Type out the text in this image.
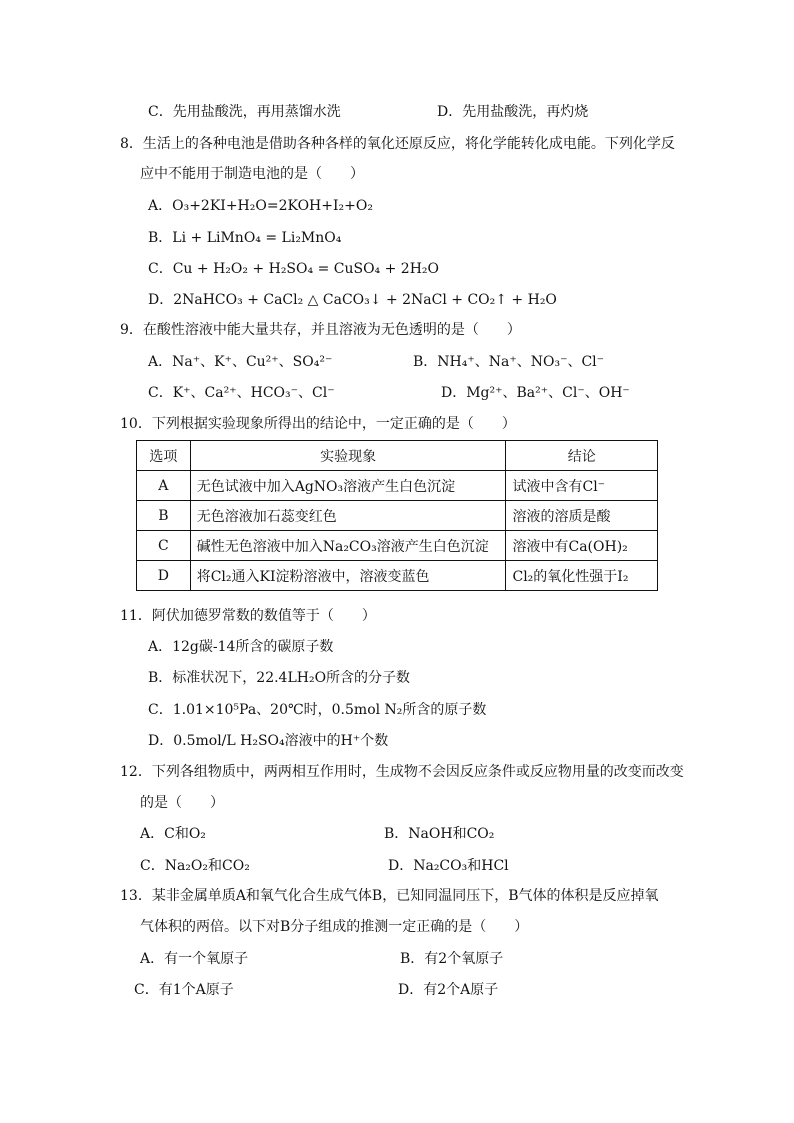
C．先用盐酸洗，再用蒸馏水洗	D．先用盐酸洗，再灼烧
8．生活上的各种电池是借助各种各样的氧化还原反应，将化学能转化成电能。下列化学反
应中不能用于制造电池的是（　　）
A．O₃+2KI+H₂O=2KOH+I₂+O₂
B．Li + LiMnO₄ = Li₂MnO₄
C．Cu + H₂O₂ + H₂SO₄ = CuSO₄ + 2H₂O
D．2NaHCO₃ + CaCl₂ △ CaCO₃↓ + 2NaCl + CO₂↑ + H₂O
9．在酸性溶液中能大量共存，并且溶液为无色透明的是（　　）
A．Na⁺、K⁺、Cu²⁺、SO₄²⁻	B．NH₄⁺、Na⁺、NO₃⁻、Cl⁻
C．K⁺、Ca²⁺、HCO₃⁻、Cl⁻	D．Mg²⁺、Ba²⁺、Cl⁻、OH⁻
10．下列根据实验现象所得出的结论中，一定正确的是（　　）
选项	实验现象	结论
A	无色试液中加入AgNO₃溶液产生白色沉淀	试液中含有Cl⁻
B	无色溶液加石蕊变红色	溶液的溶质是酸
C	碱性无色溶液中加入Na₂CO₃溶液产生白色沉淀	溶液中有Ca(OH)₂
D	将Cl₂通入KI淀粉溶液中，溶液变蓝色	Cl₂的氧化性强于I₂
11．阿伏加德罗常数的数值等于（　　）
A．12g碳-14所含的碳原子数
B．标准状况下，22.4LH₂O所含的分子数
C．1.01×10⁵Pa、20℃时，0.5mol N₂所含的原子数
D．0.5mol/L H₂SO₄溶液中的H⁺个数
12．下列各组物质中，两两相互作用时，生成物不会因反应条件或反应物用量的改变而改变
的是（　　）
A．C和O₂	B．NaOH和CO₂
C．Na₂O₂和CO₂	D．Na₂CO₃和HCl
13．某非金属单质A和氧气化合生成气体B，已知同温同压下，B气体的体积是反应掉氧
气体积的两倍。以下对B分子组成的推测一定正确的是（　　）
A．有一个氧原子	B．有2个氧原子
C．有1个A原子	D．有2个A原子
